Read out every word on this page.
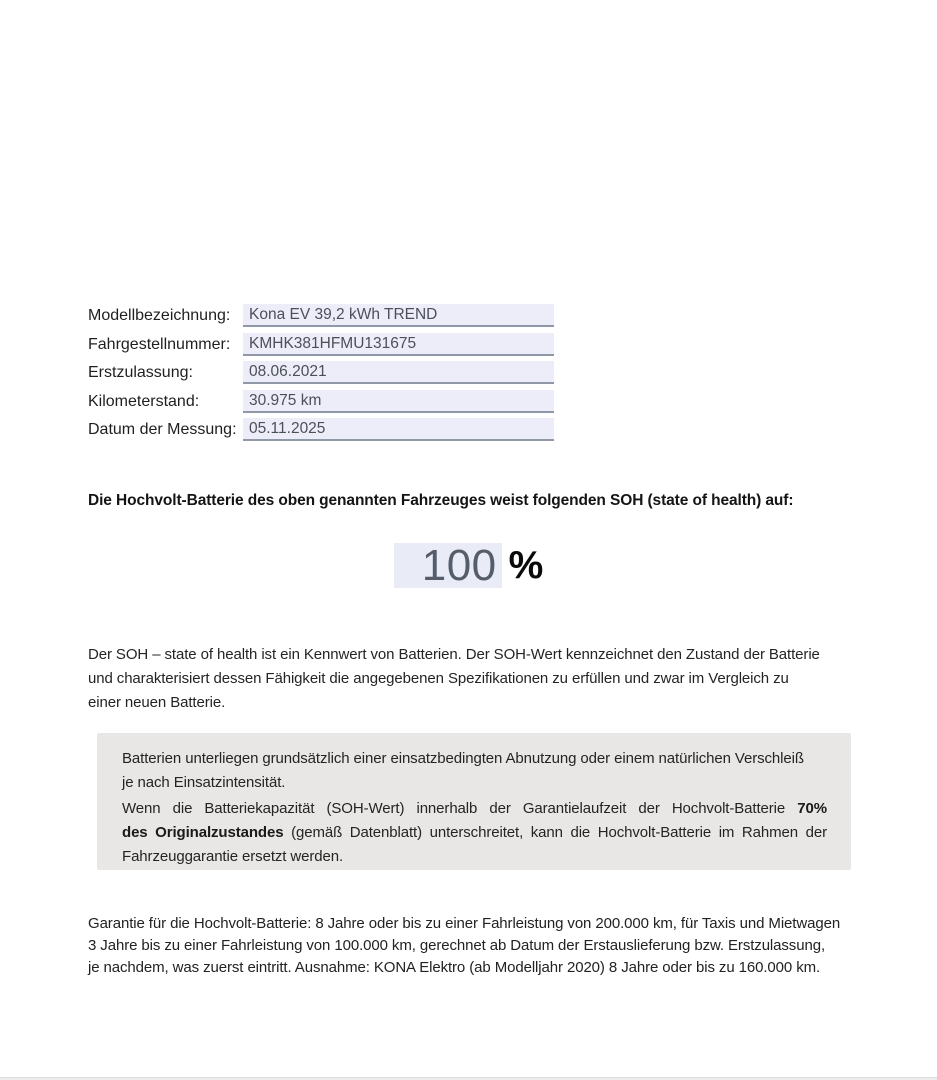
Modellbezeichnung:	Kona EV 39,2 kWh TREND
Fahrgestellnummer:	KMHK381HFMU131675
Erstzulassung:	08.06.2021
Kilometerstand:	30.975 km
Datum der Messung: 05.11.2025
Die Hochvolt-Batterie des oben genannten Fahrzeuges weist folgenden SOH (state of health) auf:
100 %
Der SOH – state of health ist ein Kennwert von Batterien. Der SOH-Wert kennzeichnet den Zustand der Batterie
und charakterisiert dessen Fähigkeit die angegebenen Spezifikationen zu erfüllen und zwar im Vergleich zu
einer neuen Batterie.
Batterien unterliegen grundsätzlich einer einsatzbedingten Abnutzung oder einem natürlichen Verschleiß
je nach Einsatzintensität.
Wenn die Batteriekapazität (SOH-Wert) innerhalb der Garantielaufzeit der Hochvolt-Batterie 70%
des Originalzustandes (gemäß Datenblatt) unterschreitet, kann die Hochvolt-Batterie im Rahmen der
Fahrzeuggarantie ersetzt werden.
Garantie für die Hochvolt-Batterie: 8 Jahre oder bis zu einer Fahrleistung von 200.000 km, für Taxis und Mietwagen
3 Jahre bis zu einer Fahrleistung von 100.000 km, gerechnet ab Datum der Erstauslieferung bzw. Erstzulassung,
je nachdem, was zuerst eintritt. Ausnahme: KONA Elektro (ab Modelljahr 2020) 8 Jahre oder bis zu 160.000 km.
